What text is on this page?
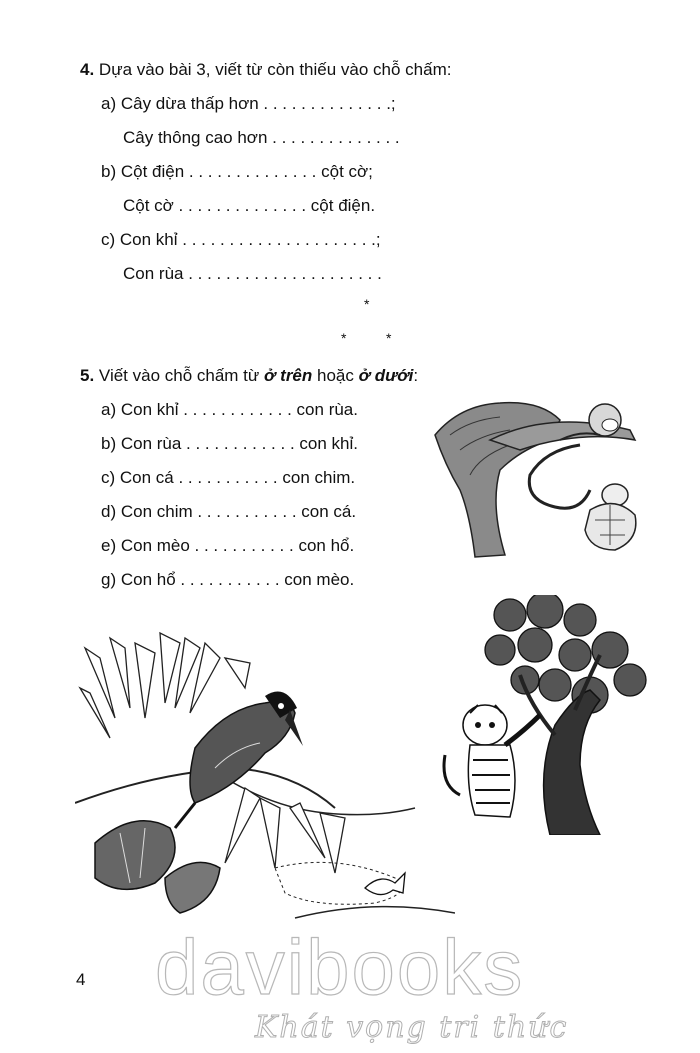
4. Dựa vào bài 3, viết từ còn thiếu vào chỗ chấm:
a) Cây dừa thấp hơn . . . . . . . . . . . . . .;
Cây thông cao hơn . . . . . . . . . . . . . .
b) Cột điện . . . . . . . . . . . . . . cột cờ;
Cột cờ . . . . . . . . . . . . . . cột điện.
c) Con khỉ . . . . . . . . . . . . . . . . . . . . .;
Con rùa . . . . . . . . . . . . . . . . . . . . .
*
*	*
5. Viết vào chỗ chấm từ ở trên hoặc ở dưới:
a) Con khỉ . . . . . . . . . . . . con rùa.
b) Con rùa . . . . . . . . . . . . con khỉ.
c) Con cá . . . . . . . . . . . con chim.
d) Con chim . . . . . . . . . . . con cá.
e) Con mèo . . . . . . . . . . . con hổ.
g) Con hổ . . . . . . . . . . . con mèo.
4 davibooks
Khát vọng tri thức
